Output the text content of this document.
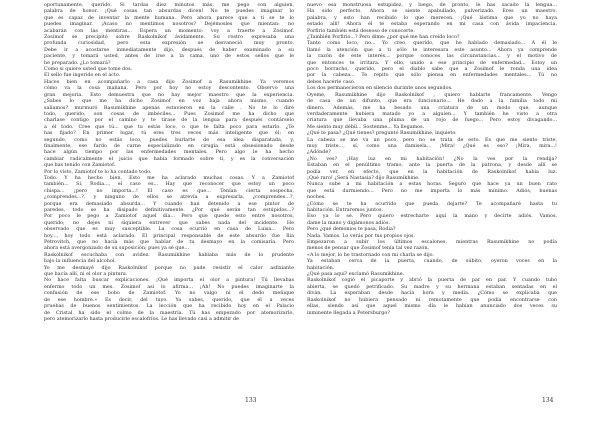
oportunamente, querido. Si tardas diez minutos más, me pego con alguien,
palabra de honor. ¡Qué cosas tan absurdas dicen! No te puedes imaginar lo
que es capaz de inventar la mente humana. Pero ahora parece que a ti se te lo
puedes imaginar. ¡Acaso no mentimos nosotros? Dejémosles que mientan: no
acabarán con las mentiras... Espera un momento: voy a traerte a Zosimof.
Zosimof se precipitó sobre Raskolnikof ávidamente. Su rostro expresaba una
profunda curiosidad, pero esta expresión se desvaneció muy pronto.
Debe ir a acostarse inmediatamente dijo, después de haber examinado a su
paciente, y tomará usted, antes de irse a la cama, uno de estos sellos que le
he preparado. ¿Lo tomará?
Como si quiere usted que tome dos.
El sello fue ingerido en el acto.
Haces bien en acompañarlo a casa dijo Zosimof a Rasumikhine. Ya veremos
cómo va la cosa mañana. Pero por hoy no estoy descontento. Observo una
gran mejoría. Esto demuestra que no hay mejor maestro que la experiencia.
¿Sabes lo que me ha dicho Zosimof en voz baja ahora mismo, cuando
salíamos? murmuró Rasumikhine apenas estuvieron en la calle . No te lo diré
todo, querido, son cosas de imbéciles... Pues Zosimof me ha dicho que
charlase contigo por el camino y te tirase de la lengua para después contárselo
a él todo. Cree que tú... que tu estás loco, o que te falta poco para estarlo. ¿Te
has fijado? En primer lugar, tú eres tres veces más inteligente que él; en
segundo, como no estás loco, puedes burlarte de esa idea disparatada, y,
finalmente, ese fardo de carne especializado en cirugía está obsesionado desde
hace algún tiempo por las enfermedades mentales. Pero algo le ha hecho
cambiar radicalmente el juicio que había formado sobre ti, y es la conversación
que has tenido con Zamiotof.
Por lo visto, Zamiotof te lo ha contado todo.
Todo. Y ha hecho bien. Esto me ha aclarado muchas cosas. Y a Zamiotof
también... Sí, Rodia..., el caso es... Hay que reconocer que estoy un poco
chispa... ¡pero no importa...! El caso es que... Tenían cierta sospecha,
¿comprendes...?, y ninguno de ellos se atrevía a expresarla, ¿comprendes...?,
porque era demasiado absurda... Y cuando han detenido a ese pintor de
paredes, todo se ha disipado definitivamente. ¿Por qué serán tan estúpidos...?
Por poco le pego a Zamiotof aquel día... Pero que quede esto entre nosotros,
querido; no dejes ni siquiera entrever que sabes nada del incidente. He
observado que es muy susceptible. La cosa ocurrió en casa de Luisa... Pero
hoy..., hoy todo está aclarado. El principal responsable de este absurdo fue Ilia
Petrovitch, que no hacía más que hablar de tu desmayo en la comisaría. Pero
ahora está avergonzado de su suposición; pues ya sé que...
Raskolnikof escuchaba con avidez. Rasumikhine hablaba más de lo prudente
bajo la influencia del alcohol.
Yo me desmayé dijo Raskolnikof porque no pude resistir el calor asfixiante
que hacía allí, ni el olor a pintura.
No hace falta buscar explicaciones. ¡Qué importa el olor a pintura! Tú llevabas
enfermo todo un mes. Zosimof así lo afirma... ¡Ah! No puedes imaginarte la
confusión de ese bobo de Zamiotof. Yo no valgo ni el dedo meñique
de ese hombre.» Es decir, del tuyo. Ya sabes, querido, que él a veces
pruebas de buenos sentimientos. La lección que ha recibido hoy en el Palacio
de Cristal ha sido el colmo de la maestría. Tú has empezado por atemorizarlo,
pero atemorizarlo hasta producirle escalofríos. Le has llevado casi a admitir de
133
nuevo esa monstruosa estupidez, y luego, de pronto, le has sacado la lengua...
Ha sido perfecto. Ahora se siente apabullado, pulverizado. Eres un maestro,
palabra, y esto han recibido lo que merecen. ¡Qué lástima que yo no haya
estado allí! Ahora él te estaba esperando en mi casa con ávida impaciencia.
Porfirio también está deseoso de conocerte.
¿También Porfirio...? Pero dime: ¿por qué me han creído loco?
Tanto como loco, no... Yo creo, querido, que he hablado demasiado... A él le
llamó la atención que a ti sólo te interesara este asunto... Ahora ya comprende
la razón de este interés... porque conoces las circunstancias... y el motivo de
que entonces te irritara. Y ello, unido a ese principio de enfermedad... Estoy un
poco borracho, querido, pero el diablo sabe que a Zosimof le ronda una idea
por la cabeza... Te repito que sólo piensa en enfermedades mentales... Tú no
debes hacerle caso.
Los dos permanecieron en silencio durante unos segundos.
Oyeme, Rasumikhine dijo Raskolnikof , quiero hablarte francamente. Vengo
de casa de un difunto, que era funcionario... He dado a la familia todo mi
dinero. Además, me ha besado una criatura de un modo que, aunque
verdaderamente hubiera matado yo a alguien... Y también he visto a otra
criatura que llevaba una pluma de un rojo de fuego... Pero estoy divagando...
Me siento muy débil... Sostenme... Ya llegamos.
¿Qué te pasa? ¿Qué tienes? preguntó Rasumikhine, inquieto.
La cabeza se me va un poco, pero no se trata de esto. Es que me siento triste,
muy triste..., sí, como una damisela... ¡Mira! ¿Qué es eso? ¡Mira, mira...!
¿Adónde?
¿No ves? ¡Hay luz en mi habitación! ¿No la ves por la rendija?
Estaban en el penúltimo tramo, ante la puerta de la patrona, y desde allí se
podía ver, en efecto, que en la habitación de Raskolnikof había luz.
¡Qué raro! ¿Será Nastasia? dijo Rasumikhine.
Nunca sube a mi habitación a estas horas. Seguro que hace ya un buen rato
que está durmiendo... Pero no me importa lo más mínimo. Adiós, buenas
noches.
¿Cómo se te ha ocurrido que pueda dejarte? Te acompañaré hasta tu
habitación. Entraremos juntos.
Eso ya lo sé. Pero quiero estrecharte aquí la mano y decirte adiós. Vamos,
dame la mano y digámonos adiós.
Pero ¿qué demonios te pasa, Rodia?
Nada. Vamos. Lo verás por tus propios ojos.
Empezaron a subir los últimos escalones, mientras Rasumikhine no podía
menos de pensar que Zosimof tenía tal vez razón.
«A lo mejor, lo he trastornado con mi charla se dijo.
Ya estaban cerca de la puerta, cuando, de súbito, oyeron voces en la
habitación.
¿Qué pasa aquí? exclamó Rasumikhine.
Raskolnikof cogió el picaporte y abrió la puerta de par en par. Y cuando tubo
abierta, se quedó petrificado. Su madre y su hermana estaban sentadas en el
diván. La esperaban desde hacía hora y media. ¿Cómo se explicaba que
Raskolnikof no hubiera pensado ni remotamente que podía encontrarse con
ellas, siendo así que aquel mismo día le habían anunciado dos veces su
inminente llegada a Petersburgo?
134
